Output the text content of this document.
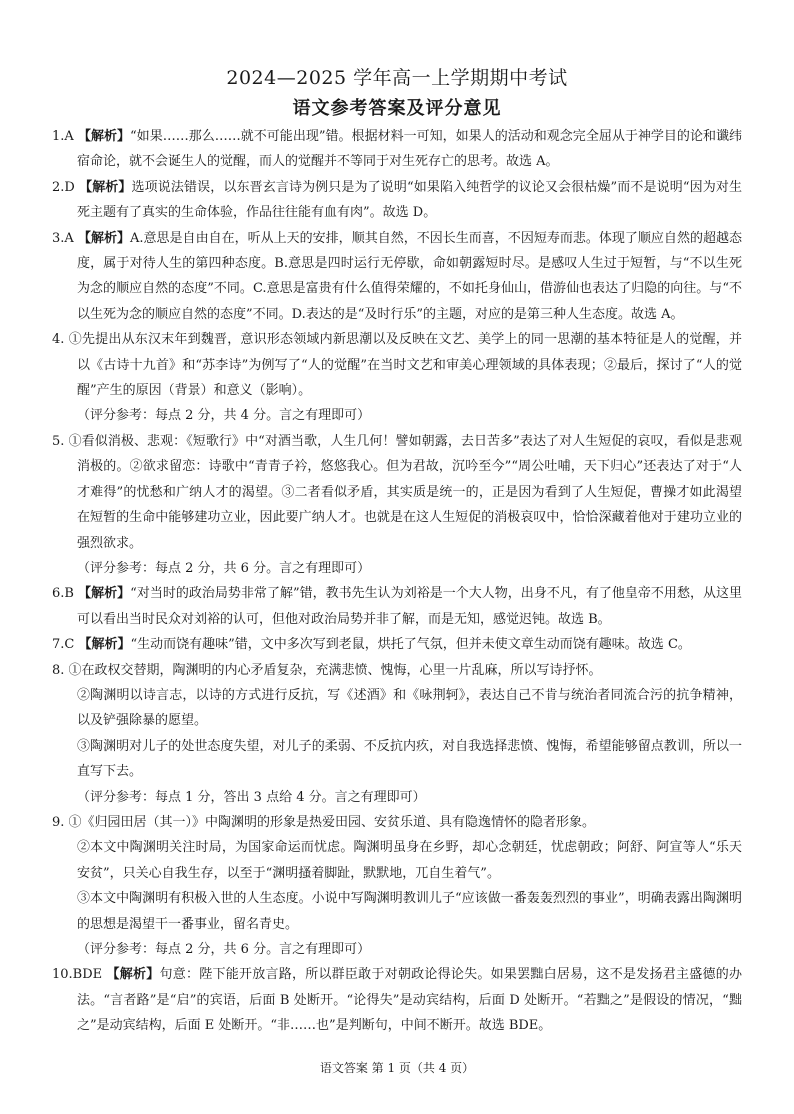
2024—2025 学年高一上学期期中考试
语文参考答案及评分意见

1.A 【解析】“如果……那么……就不可能出现”错。根据材料一可知，如果人的活动和观念完全屈从于神学目的论和谶纬宿命论，就不会诞生人的觉醒，而人的觉醒并不等同于对生死存亡的思考。故选 A。

2.D 【解析】选项说法错误，以东晋玄言诗为例只是为了说明“如果陷入纯哲学的议论又会很枯燥”而不是说明“因为对生死主题有了真实的生命体验，作品往往能有血有肉”。故选 D。

3.A 【解析】A.意思是自由自在，听从上天的安排，顺其自然，不因长生而喜，不因短寿而悲。体现了顺应自然的超越态度，属于对待人生的第四种态度。B.意思是四时运行无停歇，命如朝露短时尽。是感叹人生过于短暂，与“不以生死为念的顺应自然的态度”不同。C.意思是富贵有什么值得荣耀的，不如托身仙山，借游仙也表达了归隐的向往。与“不以生死为念的顺应自然的态度”不同。D.表达的是“及时行乐”的主题，对应的是第三种人生态度。故选 A。

4. ①先提出从东汉末年到魏晋，意识形态领域内新思潮以及反映在文艺、美学上的同一思潮的基本特征是人的觉醒，并以《古诗十九首》和“苏李诗”为例写了“人的觉醒”在当时文艺和审美心理领域的具体表现；②最后，探讨了“人的觉醒”产生的原因（背景）和意义（影响）。

（评分参考：每点 2 分，共 4 分。言之有理即可）

5. ①看似消极、悲观：《短歌行》中“对酒当歌，人生几何！譬如朝露，去日苦多”表达了对人生短促的哀叹，看似是悲观消极的。②欲求留恋：诗歌中“青青子衿，悠悠我心。但为君故，沉吟至今”“周公吐哺，天下归心”还表达了对于“人才难得”的忧愁和广纳人才的渴望。③二者看似矛盾，其实质是统一的，正是因为看到了人生短促，曹操才如此渴望在短暂的生命中能够建功立业，因此要广纳人才。也就是在这人生短促的消极哀叹中，恰恰深藏着他对于建功立业的强烈欲求。

（评分参考：每点 2 分，共 6 分。言之有理即可）

6.B 【解析】“对当时的政治局势非常了解”错，教书先生认为刘裕是一个大人物，出身不凡，有了他皇帝不用愁，从这里可以看出当时民众对刘裕的认可，但他对政治局势并非了解，而是无知，感觉迟钝。故选 B。

7.C 【解析】“生动而饶有趣味”错，文中多次写到老鼠，烘托了气氛，但并未使文章生动而饶有趣味。故选 C。

8. ①在政权交替期，陶渊明的内心矛盾复杂，充满悲愤、愧悔，心里一片乱麻，所以写诗抒怀。

②陶渊明以诗言志，以诗的方式进行反抗，写《述酒》和《咏荆轲》，表达自己不肯与统治者同流合污的抗争精神，以及铲强除暴的愿望。

③陶渊明对儿子的处世态度失望，对儿子的柔弱、不反抗内疚，对自我选择悲愤、愧悔，希望能够留点教训，所以一直写下去。

（评分参考：每点 1 分，答出 3 点给 4 分。言之有理即可）

9. ①《归园田居（其一）》中陶渊明的形象是热爱田园、安贫乐道、具有隐逸情怀的隐者形象。

②本文中陶渊明关注时局，为国家命运而忧虑。陶渊明虽身在乡野，却心念朝廷，忧虑朝政；阿舒、阿宣等人“乐天安贫”，只关心自我生存，以至于“渊明搔着脚趾，默默地，兀自生着气”。

③本文中陶渊明有积极入世的人生态度。小说中写陶渊明教训儿子“应该做一番轰轰烈烈的事业”，明确表露出陶渊明的思想是渴望干一番事业，留名青史。

（评分参考：每点 2 分，共 6 分。言之有理即可）

10.BDE 【解析】句意：陛下能开放言路，所以群臣敢于对朝政论得论失。如果罢黜白居易，这不是发扬君主盛德的办法。“言者路”是“启”的宾语，后面 B 处断开。“论得失”是动宾结构，后面 D 处断开。“若黜之”是假设的情况，“黜之”是动宾结构，后面 E 处断开。“非……也”是判断句，中间不断开。故选 BDE。

语文答案 第 1 页（共 4 页）
